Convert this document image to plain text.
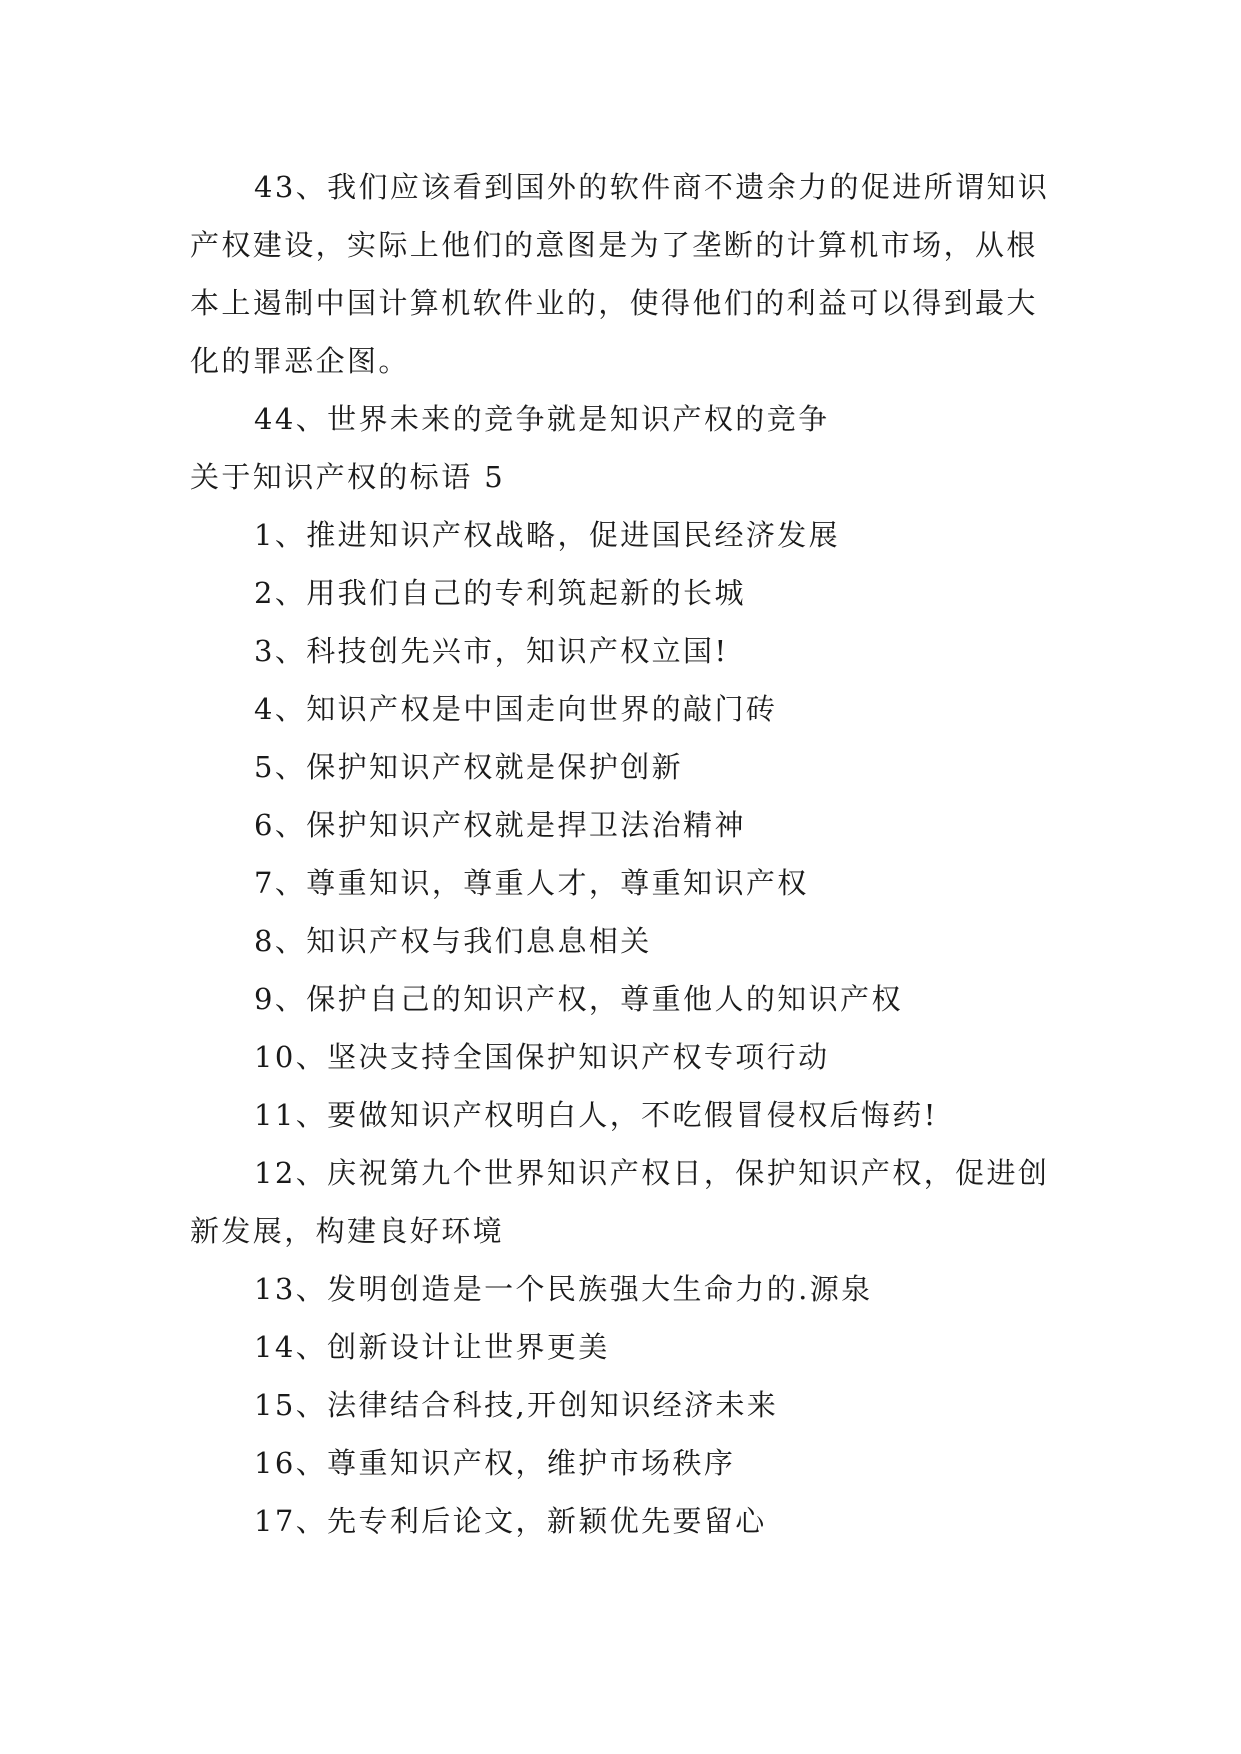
43、我们应该看到国外的软件商不遗余力的促进所谓知识产权建设，实际上他们的意图是为了垄断的计算机市场，从根本上遏制中国计算机软件业的，使得他们的利益可以得到最大化的罪恶企图。

44、世界未来的竞争就是知识产权的竞争

关于知识产权的标语 5

1、推进知识产权战略，促进国民经济发展

2、用我们自己的专利筑起新的长城

3、科技创先兴市，知识产权立国!

4、知识产权是中国走向世界的敲门砖

5、保护知识产权就是保护创新

6、保护知识产权就是捍卫法治精神

7、尊重知识，尊重人才，尊重知识产权

8、知识产权与我们息息相关

9、保护自己的知识产权，尊重他人的知识产权

10、坚决支持全国保护知识产权专项行动

11、要做知识产权明白人，不吃假冒侵权后悔药!

12、庆祝第九个世界知识产权日，保护知识产权，促进创新发展，构建良好环境

13、发明创造是一个民族强大生命力的.源泉

14、创新设计让世界更美

15、法律结合科技,开创知识经济未来

16、尊重知识产权，维护市场秩序

17、先专利后论文，新颖优先要留心
